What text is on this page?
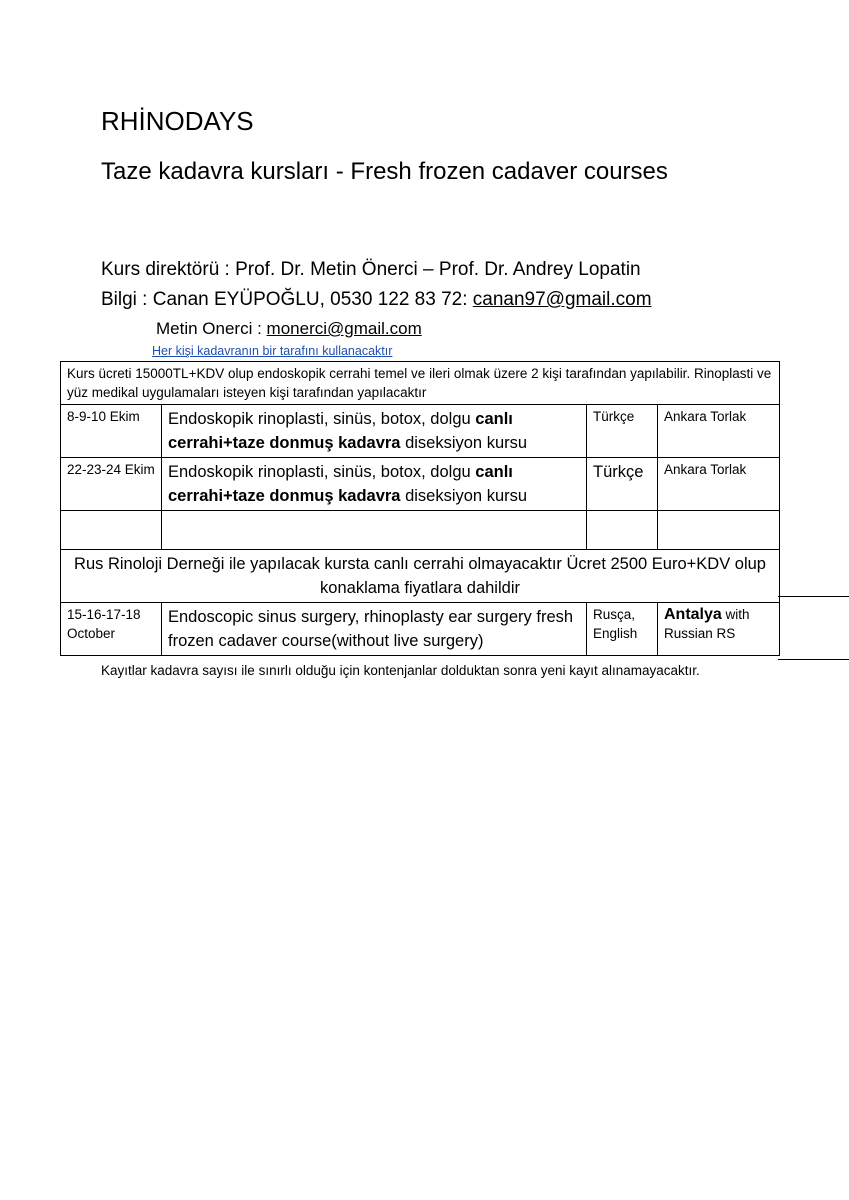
RHİNODAYS
Taze kadavra kursları - Fresh frozen cadaver courses
Kurs direktörü : Prof. Dr. Metin Önerci – Prof. Dr. Andrey Lopatin
Bilgi : Canan EYÜPOĞLU, 0530 122 83 72: canan97@gmail.com
Metin Onerci : monerci@gmail.com
Her kişi kadavranın bir tarafını kullanacaktır
Kurs ücreti 15000TL+KDV olup endoskopik cerrahi temel ve ileri olmak üzere 2 kişi tarafından yapılabilir. Rinoplasti ve yüz medikal uygulamaları isteyen kişi tarafından yapılacaktır			
8-9-10 Ekim	Endoskopik rinoplasti, sinüs, botox, dolgu canlı cerrahi+taze donmuş kadavra diseksiyon kursu	Türkçe	Ankara Torlak
22-23-24 Ekim	Endoskopik rinoplasti, sinüs, botox, dolgu canlı cerrahi+taze donmuş kadavra diseksiyon kursu	Türkçe	Ankara Torlak

Rus Rinoloji Derneği ile yapılacak kursta canlı cerrahi olmayacaktır Ücret 2500 Euro+KDV olup konaklama fiyatlara dahildir			
15-16-17-18 October	Endoscopic sinus surgery, rhinoplasty ear surgery fresh frozen cadaver course(without live surgery)	Rusça, English	Antalya with Russian RS
Kayıtlar kadavra sayısı ile sınırlı olduğu için kontenjanlar dolduktan sonra yeni kayıt alınamayacaktır.
